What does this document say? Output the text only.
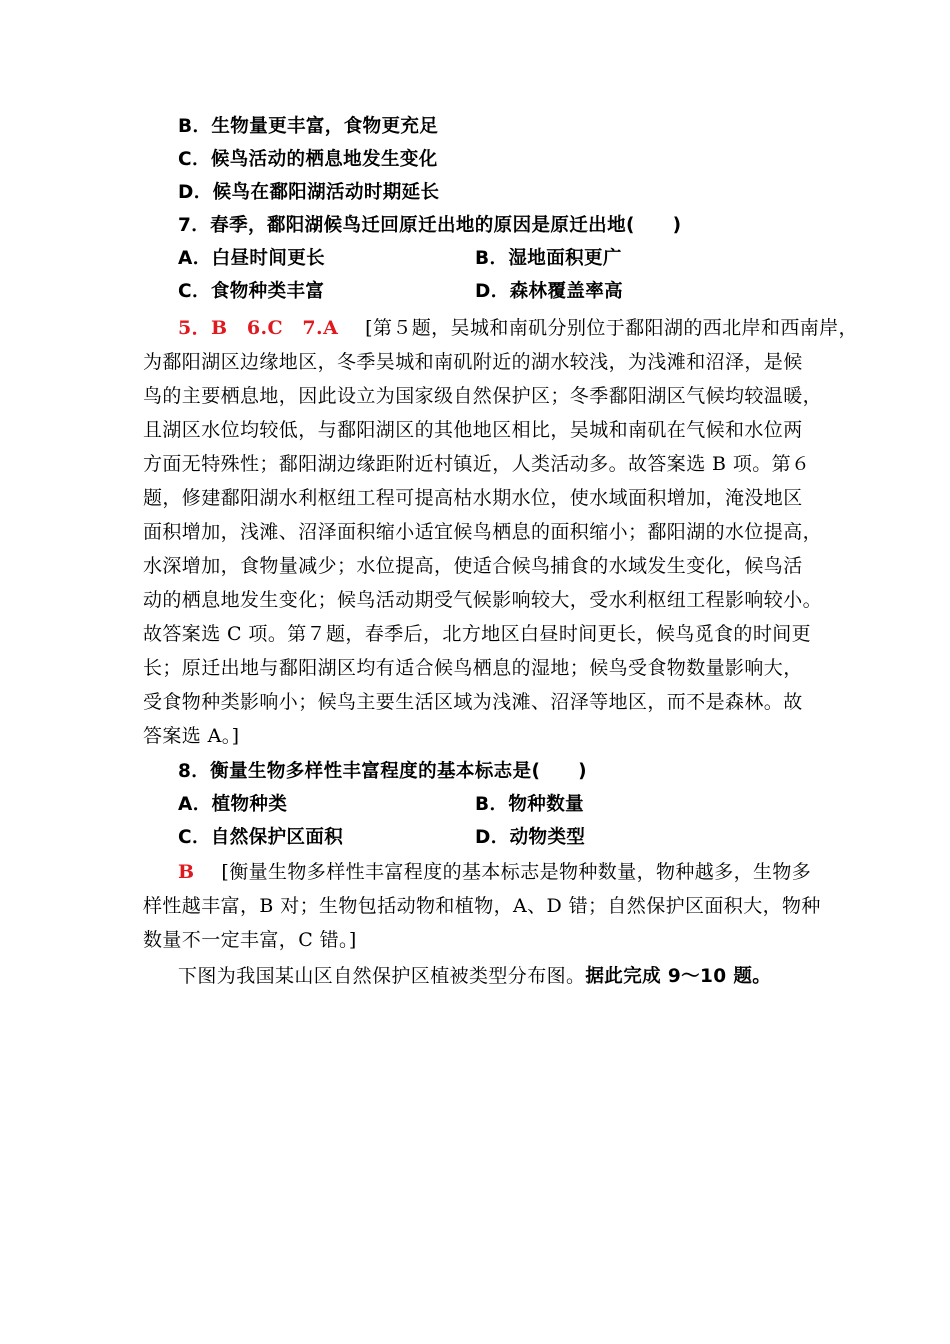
B．生物量更丰富，食物更充足
C．候鸟活动的栖息地发生变化
D．候鸟在鄱阳湖活动时期延长
7．春季，鄱阳湖候鸟迁回原迁出地的原因是原迁出地(　　)
A．白昼时间更长	B．湿地面积更广
C．食物种类丰富	D．森林覆盖率高
5．B　6.C　7.A [第５题，吴城和南矶分别位于鄱阳湖的西北岸和西南岸，
为鄱阳湖区边缘地区，冬季吴城和南矶附近的湖水较浅，为浅滩和沼泽，是候
鸟的主要栖息地，因此设立为国家级自然保护区；冬季鄱阳湖区气候均较温暖，
且湖区水位均较低，与鄱阳湖区的其他地区相比，吴城和南矶在气候和水位两
方面无特殊性；鄱阳湖边缘距附近村镇近，人类活动多。故答案选 B 项。第６
题，修建鄱阳湖水利枢纽工程可提高枯水期水位，使水域面积增加，淹没地区
面积增加，浅滩、沼泽面积缩小适宜候鸟栖息的面积缩小；鄱阳湖的水位提高，
水深增加，食物量减少；水位提高，使适合候鸟捕食的水域发生变化，候鸟活
动的栖息地发生变化；候鸟活动期受气候影响较大，受水利枢纽工程影响较小。
故答案选 C 项。第７题，春季后，北方地区白昼时间更长，候鸟觅食的时间更
长；原迁出地与鄱阳湖区均有适合候鸟栖息的湿地；候鸟受食物数量影响大，
受食物种类影响小；候鸟主要生活区域为浅滩、沼泽等地区，而不是森林。故
答案选 A。]
8．衡量生物多样性丰富程度的基本标志是(　　)
A．植物种类	B．物种数量
C．自然保护区面积	D．动物类型
B [衡量生物多样性丰富程度的基本标志是物种数量，物种越多，生物多
样性越丰富，B 对；生物包括动物和植物，A、D 错；自然保护区面积大，物种
数量不一定丰富，C 错。]
下图为我国某山区自然保护区植被类型分布图。据此完成 9～10 题。
